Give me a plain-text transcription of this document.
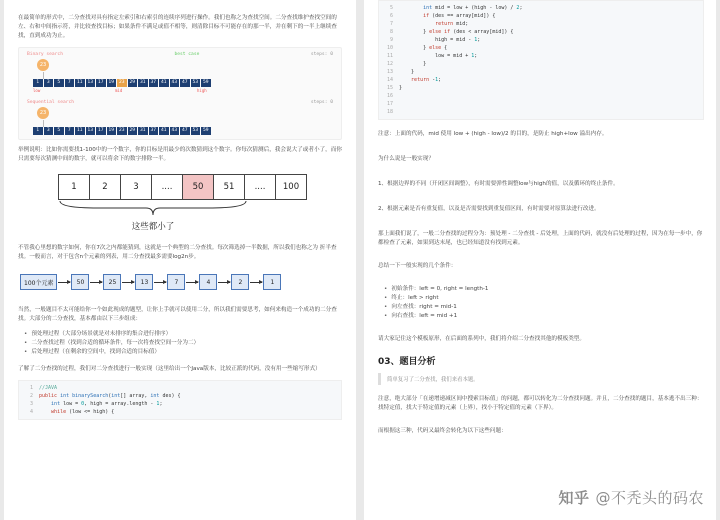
在最简单的形式中，二分查找对具有指定左索引和右索引的连续序列进行操作。我们也称之为查找空间。二分查找维护查找空间的左、右和中间指示符，并比较查找目标；如果条件不满足或值不相等，则清除目标不可能存在的那一半，并在剩下的一半上继续查找，直到成功为止。

Binary search	best case	steps: 0
23
1	3	5	7	11	13	17	19	23	29	31	37	41	43	47	53	59
low	mid	high
Sequential search	steps: 0
23
1	3	5	7	11	13	17	19	23	29	31	37	41	43	47	53	59

举例说明：比如你需要找1-100中的一个数字，你的目标是用最少的次数猜到这个数字。你每次猜测后，我会说大了或者小了，而你只需要每次猜测中间的数字，就可以将余下的数字排除一半。

1	2	3	....	50	51	....	100
这些都小了

不管我心里想的数字如何，你在7次之内都能猜到，这就是一个典型的二分查找。每次筛选掉一半数据，所以我们也称之为 折半查找。一般而言，对于包含n个元素的列表，用二分查找最多需要log2n步。

100个元素	50	25	13	7	4	2	1

当然，一般题目不太可能给你一个如此现成的题型，让你上手就可以使用二分，所以我们需要思考，如何来构造一个成功的二分查找。大部分的二分查找，基本都由以下三步组成：

• 预处理过程（大部分场景就是对未排序的集合进行排序）
• 二分查找过程（找到合适的循环条件，每一次将查找空间一分为二）
• 后处理过程（在剩余的空间中，找到合适的目标值）

了解了二分查找的过程，我们对二分查找进行一般实现（这里给出一个Java版本，比较正派的代码，没有用一些缩写形式）

1
2
3
4
//JAVA
public int binarySearch(int[] array, int des) {
int low = 0, high = array.length - 1;
while (low <= high) {
5
6
7
8
9
10
11
12
13
14
15
16
17
18
int mid = low + (high - low) / 2;
if (des == array[mid]) {
return mid;
} else if (des < array[mid]) {
high = mid - 1;
} else {
low = mid + 1;
}
}
return -1;
}

注意：上面的代码，mid 使用 low + (high - low)/2 的目的，是防止 high+low 溢出内存。

为什么说是一般实现？

1、根据边界的不同（开闭区间调整），有时需要弹性调整low与high的值，以及循环的终止条件。

2、根据元素是否有重复值，以及是否需要找到重复值区间，有时需要对原算法进行改进。

那上面我们说了，一般二分查找的过程分为：预处理 - 二分查找 - 后处理，上面的代码，就没有后处理的过程，因为在每一步中，你都检查了元素，如果到达末尾，也已经知道没有找到元素。

总结一下一般实现的几个条件：

• 初始条件：left = 0, right = length-1
• 终止：left > right
• 向左查找：right = mid-1
• 向右查找：left = mid +1

请大家记住这个模板原形，在后面的系列中，我们将介绍二分查找其他的模板类型。

03、题目分析
简单复习了二分查找，我们来看本题。

注意，绝大部分「在递增递减区间中搜索目标值」的问题，都可以转化为二分查找问题。并且，二分查找的题目，基本逃不出三种：找特定值，找大于特定值的元素（上界），找小于特定值的元素（下界）。

而根据这三种，代码又最终会转化为以下这些问题：

知乎 @不秃头的码农
